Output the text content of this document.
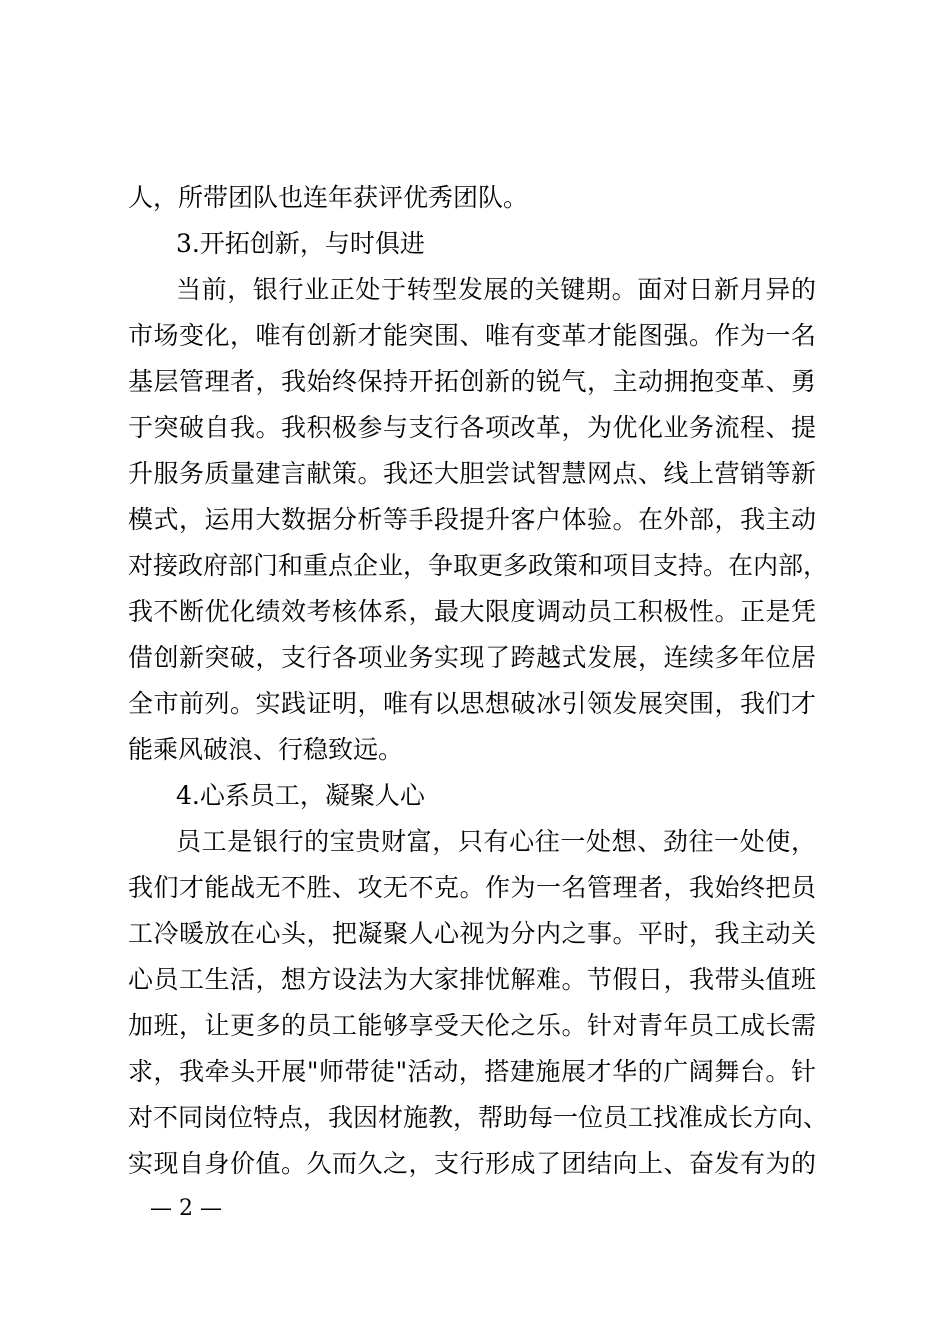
人，所带团队也连年获评优秀团队。
3.开拓创新，与时俱进
当前，银行业正处于转型发展的关键期。面对日新月异的
市场变化，唯有创新才能突围、唯有变革才能图强。作为一名
基层管理者，我始终保持开拓创新的锐气，主动拥抱变革、勇
于突破自我。我积极参与支行各项改革，为优化业务流程、提
升服务质量建言献策。我还大胆尝试智慧网点、线上营销等新
模式，运用大数据分析等手段提升客户体验。在外部，我主动
对接政府部门和重点企业，争取更多政策和项目支持。在内部，
我不断优化绩效考核体系，最大限度调动员工积极性。正是凭
借创新突破，支行各项业务实现了跨越式发展，连续多年位居
全市前列。实践证明，唯有以思想破冰引领发展突围，我们才
能乘风破浪、行稳致远。
4.心系员工，凝聚人心
员工是银行的宝贵财富，只有心往一处想、劲往一处使，
我们才能战无不胜、攻无不克。作为一名管理者，我始终把员
工冷暖放在心头，把凝聚人心视为分内之事。平时，我主动关
心员工生活，想方设法为大家排忧解难。节假日，我带头值班
加班，让更多的员工能够享受天伦之乐。针对青年员工成长需
求，我牵头开展"师带徒"活动，搭建施展才华的广阔舞台。针
对不同岗位特点，我因材施教，帮助每一位员工找准成长方向、
实现自身价值。久而久之，支行形成了团结向上、奋发有为的
— 2 —
